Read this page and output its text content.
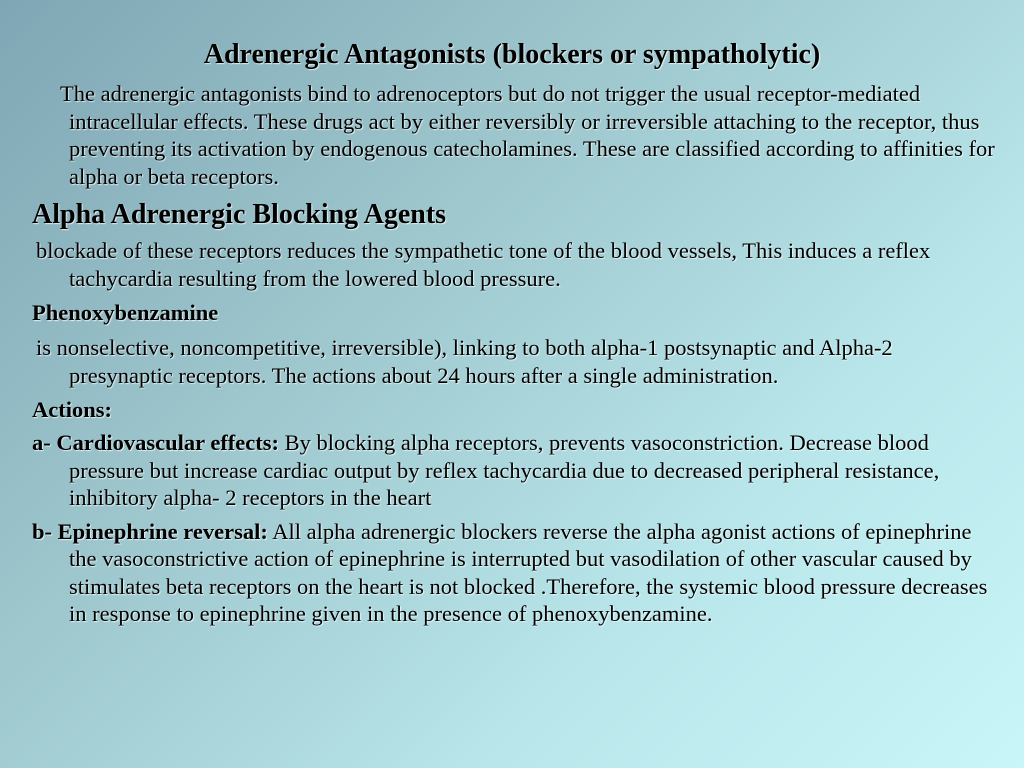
Adrenergic Antagonists (blockers or sympatholytic)

The adrenergic antagonists bind to adrenoceptors but do not trigger the usual receptor-mediated intracellular effects. These drugs act by either reversibly or irreversible attaching to the receptor, thus preventing its activation by endogenous catecholamines. These are classified according to affinities for alpha or beta receptors.

Alpha Adrenergic Blocking Agents

blockade of these receptors reduces the sympathetic tone of the blood vessels, This induces a reflex tachycardia resulting from the lowered blood pressure.

Phenoxybenzamine

is nonselective, noncompetitive, irreversible), linking to both alpha-1 postsynaptic and Alpha-2 presynaptic receptors. The actions about 24 hours after a single administration.

Actions:

a- Cardiovascular effects: By blocking alpha receptors, prevents vasoconstriction. Decrease blood pressure but increase cardiac output by reflex tachycardia due to decreased peripheral resistance, inhibitory alpha- 2 receptors in the heart

b- Epinephrine reversal: All alpha adrenergic blockers reverse the alpha agonist actions of epinephrine the vasoconstrictive action of epinephrine is interrupted but vasodilation of other vascular caused by stimulates beta receptors on the heart is not blocked .Therefore, the systemic blood pressure decreases in response to epinephrine given in the presence of phenoxybenzamine.
